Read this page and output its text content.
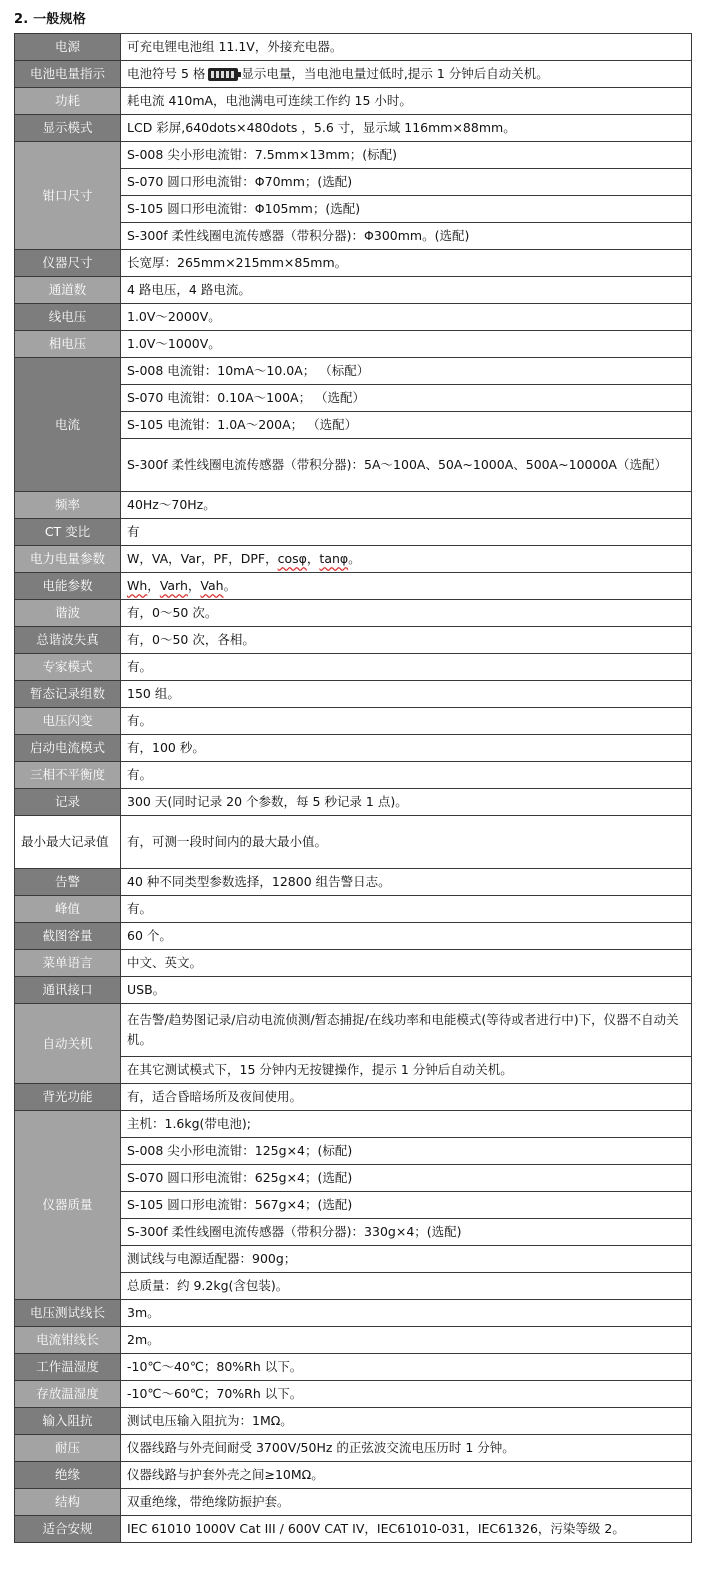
2. 一般规格
电源	可充电锂电池组 11.1V，外接充电器。
电池电量指示	电池符号 5 格 显示电量，当电池电量过低时,提示 1 分钟后自动关机。
功耗	耗电流 410mA，电池满电可连续工作约 15 小时。
显示模式	LCD 彩屏,640dots×480dots ，5.6 寸，显示域 116mm×88mm。
钳口尺寸	S-008 尖小形电流钳：7.5mm×13mm；(标配)
	S-070 圆口形电流钳：Φ70mm；(选配)
	S-105 圆口形电流钳：Φ105mm；(选配)
	S-300f 柔性线圈电流传感器（带积分器)：Φ300mm。(选配)
仪器尺寸	长宽厚：265mm×215mm×85mm。
通道数	4 路电压，4 路电流。
线电压	1.0V～2000V。
相电压	1.0V～1000V。
电流	S-008 电流钳：10mA～10.0A； （标配）
	S-070 电流钳：0.10A～100A； （选配）
	S-105 电流钳：1.0A～200A； （选配）
	S-300f 柔性线圈电流传感器（带积分器)：5A～100A、50A~1000A、500A~10000A（选配）
频率	40Hz～70Hz。
CT 变比	有
电力电量参数	W，VA，Var，PF，DPF，cosφ，tanφ。
电能参数	Wh，Varh，Vah。
谐波	有，0～50 次。
总谐波失真	有，0～50 次，各相。
专家模式	有。
暂态记录组数	150 组。
电压闪变	有。
启动电流模式	有，100 秒。
三相不平衡度	有。
记录	300 天(同时记录 20 个参数，每 5 秒记录 1 点)。
最小最大记录值	有，可测一段时间内的最大最小值。
告警	40 种不同类型参数选择，12800 组告警日志。
峰值	有。
截图容量	60 个。
菜单语言	中文、英文。
通讯接口	USB。
自动关机	在告警/趋势图记录/启动电流侦测/暂态捕捉/在线功率和电能模式(等待或者进行中)下，仪器不自动关机。
	在其它测试模式下，15 分钟内无按键操作，提示 1 分钟后自动关机。
背光功能	有，适合昏暗场所及夜间使用。
仪器质量	主机：1.6kg(带电池);
	S-008 尖小形电流钳：125g×4；(标配)
	S-070 圆口形电流钳：625g×4；(选配)
	S-105 圆口形电流钳：567g×4；(选配)
	S-300f 柔性线圈电流传感器（带积分器)：330g×4；(选配)
	测试线与电源适配器：900g；
	总质量：约 9.2kg(含包装)。
电压测试线长	3m。
电流钳线长	2m。
工作温湿度	-10℃～40℃；80%Rh 以下。
存放温湿度	-10℃～60℃；70%Rh 以下。
输入阻抗	测试电压输入阻抗为：1MΩ。
耐压	仪器线路与外壳间耐受 3700V/50Hz 的正弦波交流电压历时 1 分钟。
绝缘	仪器线路与护套外壳之间≥10MΩ。
结构	双重绝缘，带绝缘防振护套。
适合安规	IEC 61010 1000V Cat III / 600V CAT IV，IEC61010-031，IEC61326，污染等级 2。
